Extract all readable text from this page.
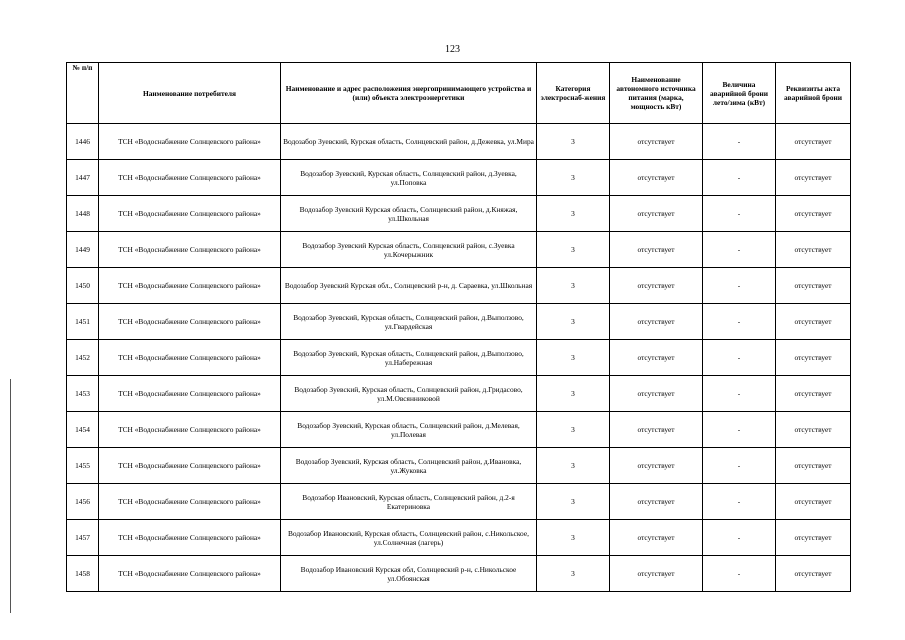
123
№ п/п	Наименование потребителя	Наименование и адрес расположения энергопринимающего устройства и (или) объекта электроэнергетики	Категория электроснаб-жения	Наименование автономного источника питания (марка, мощность кВт)	Величина аварийной брони лето/зима (кВт)	Реквизиты акта аварийной брони
1446	ТСН «Водоснабжение Солнцевского района»	Водозабор Зуевский, Курская область, Солнцевский район, д.Дежевка, ул.Мира	3	отсутствует	-	отсутствует
1447	ТСН «Водоснабжение Солнцевского района»	Водозабор Зуевский, Курская область, Солнцевский район, д.Зуевка, ул.Поповка	3	отсутствует	-	отсутствует
1448	ТСН «Водоснабжение Солнцевского района»	Водозабор Зуевский Курская область, Солнцевский район, д.Княжая, ул.Школьная	3	отсутствует	-	отсутствует
1449	ТСН «Водоснабжение Солнцевского района»	Водозабор Зуевский Курская область, Солнцевский район, с.Зуевка ул.Кочерыжник	3	отсутствует	-	отсутствует
1450	ТСН «Водоснабжение Солнцевского района»	Водозабор Зуевский Курская обл., Солнцевский р-н, д. Сараевка, ул.Школьная	3	отсутствует	-	отсутствует
1451	ТСН «Водоснабжение Солнцевского района»	Водозабор Зуевский, Курская область, Солнцевский район, д.Выползово, ул.Гвардейская	3	отсутствует	-	отсутствует
1452	ТСН «Водоснабжение Солнцевского района»	Водозабор Зуевский, Курская область, Солнцевский район, д.Выползово, ул.Набережная	3	отсутствует	-	отсутствует
1453	ТСН «Водоснабжение Солнцевского района»	Водозабор Зуевский, Курская область, Солнцевский район, д.Гридасово, ул.М.Овсянниковой	3	отсутствует	-	отсутствует
1454	ТСН «Водоснабжение Солнцевского района»	Водозабор Зуевский, Курская область, Солнцевский район, д.Мелевая, ул.Полевая	3	отсутствует	-	отсутствует
1455	ТСН «Водоснабжение Солнцевского района»	Водозабор Зуевский, Курская область, Солнцевский район, д.Ивановка, ул.Жуковка	3	отсутствует	-	отсутствует
1456	ТСН «Водоснабжение Солнцевского района»	Водозабор Ивановский, Курская область, Солнцевский район, д.2-я Екатериновка	3	отсутствует	-	отсутствует
1457	ТСН «Водоснабжение Солнцевского района»	Водозабор Ивановский, Курская область, Солнцевский район, с.Никольское, ул.Солнечная (лагерь)	3	отсутствует	-	отсутствует
1458	ТСН «Водоснабжение Солнцевского района»	Водозабор Ивановский Курская обл, Солнцевский р-н, с.Никольское ул.Обоянская	3	отсутствует	-	отсутствует
